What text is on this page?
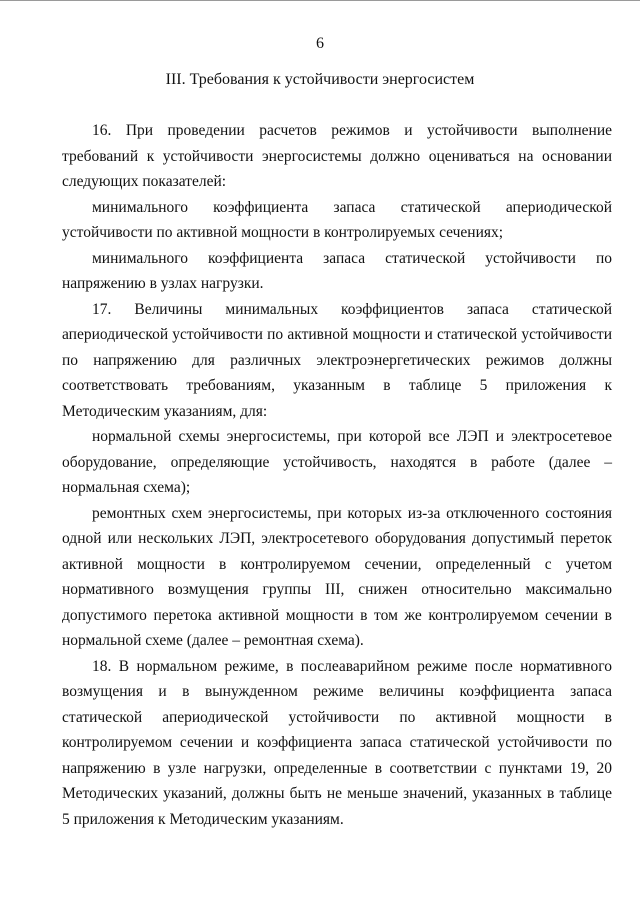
6
III. Требования к устойчивости энергосистем

16. При проведении расчетов режимов и устойчивости выполнение требований к устойчивости энергосистемы должно оцениваться на основании следующих показателей:

минимального коэффициента запаса статической апериодической устойчивости по активной мощности в контролируемых сечениях;

минимального коэффициента запаса статической устойчивости по напряжению в узлах нагрузки.

17. Величины минимальных коэффициентов запаса статической апериодической устойчивости по активной мощности и статической устойчивости по напряжению для различных электроэнергетических режимов должны соответствовать требованиям, указанным в таблице 5 приложения к Методическим указаниям, для:

нормальной схемы энергосистемы, при которой все ЛЭП и электросетевое оборудование, определяющие устойчивость, находятся в работе (далее – нормальная схема);

ремонтных схем энергосистемы, при которых из-за отключенного состояния одной или нескольких ЛЭП, электросетевого оборудования допустимый переток активной мощности в контролируемом сечении, определенный с учетом нормативного возмущения группы III, снижен относительно максимально допустимого перетока активной мощности в том же контролируемом сечении в нормальной схеме (далее – ремонтная схема).

18. В нормальном режиме, в послеаварийном режиме после нормативного возмущения и в вынужденном режиме величины коэффициента запаса статической апериодической устойчивости по активной мощности в контролируемом сечении и коэффициента запаса статической устойчивости по напряжению в узле нагрузки, определенные в соответствии с пунктами 19, 20 Методических указаний, должны быть не меньше значений, указанных в таблице 5 приложения к Методическим указаниям.
